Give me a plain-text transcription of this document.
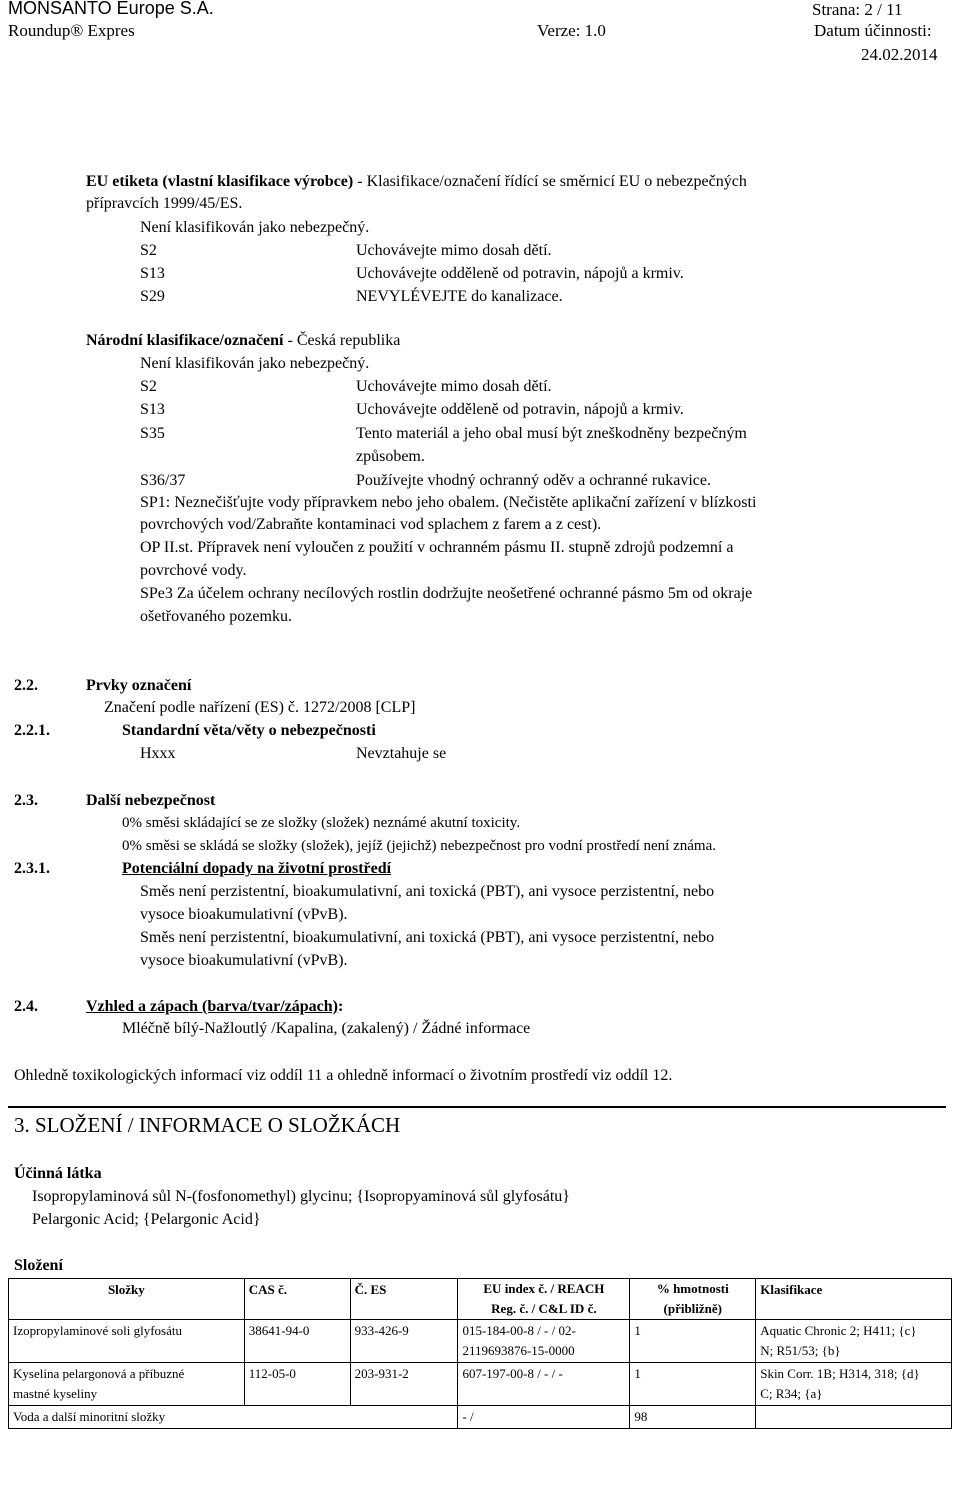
MONSANTO Europe S.A.	Strana: 2 / 11
Roundup® Expres	Verze: 1.0	Datum účinnosti:
24.02.2014
EU etiketa (vlastní klasifikace výrobce) - Klasifikace/označení řídící se směrnicí EU o nebezpečných
přípravcích 1999/45/ES.
Není klasifikován jako nebezpečný.
S2	Uchovávejte mimo dosah dětí.
S13	Uchovávejte odděleně od potravin, nápojů a krmiv.
S29	NEVYLÉVEJTE do kanalizace.
Národní klasifikace/označení - Česká republika
Není klasifikován jako nebezpečný.
S2	Uchovávejte mimo dosah dětí.
S13	Uchovávejte odděleně od potravin, nápojů a krmiv.
S35	Tento materiál a jeho obal musí být zneškodněny bezpečným
způsobem.
S36/37	Používejte vhodný ochranný oděv a ochranné rukavice.
SP1: Neznečišťujte vody přípravkem nebo jeho obalem. (Nečistěte aplikační zařízení v blízkosti
povrchových vod/Zabraňte kontaminaci vod splachem z farem a z cest).
OP II.st. Přípravek není vyloučen z použití v ochranném pásmu II. stupně zdrojů podzemní a
povrchové vody.
SPe3 Za účelem ochrany necílových rostlin dodržujte neošetřené ochranné pásmo 5m od okraje
ošetřovaného pozemku.
2.2.	Prvky označení
Značení podle nařízení (ES) č. 1272/2008 [CLP]
2.2.1.	Standardní věta/věty o nebezpečnosti
Hxxx	Nevztahuje se
2.3.	Další nebezpečnost
0% směsi skládající se ze složky (složek) neznámé akutní toxicity.
0% směsi se skládá se složky (složek), jejíž (jejichž) nebezpečnost pro vodní prostředí není známa.
2.3.1.	Potenciální dopady na životní prostředí
Směs není perzistentní, bioakumulativní, ani toxická (PBT), ani vysoce perzistentní, nebo
vysoce bioakumulativní (vPvB).
Směs není perzistentní, bioakumulativní, ani toxická (PBT), ani vysoce perzistentní, nebo
vysoce bioakumulativní (vPvB).
2.4.	Vzhled a zápach (barva/tvar/zápach):
Mléčně bílý-Nažloutlý /Kapalina, (zakalený) / Žádné informace
Ohledně toxikologických informací viz oddíl 11 a ohledně informací o životním prostředí viz oddíl 12.
3. SLOŽENÍ / INFORMACE O SLOŽKÁCH
Účinná látka
Isopropylaminová sůl N-(fosfonomethyl) glycinu; {Isopropyaminová sůl glyfosátu}
Pelargonic Acid; {Pelargonic Acid}
Složení
Složky	CAS č.	Č. ES	EU index č. / REACH Reg. č. / C&L ID č.	% hmotnosti (přibližně)	Klasifikace
Izopropylaminové soli glyfosátu	38641-94-0	933-426-9	015-184-00-8 / - / 02-2119693876-15-0000	1	Aquatic Chronic 2; H411; {c} N; R51/53; {b}
Kyselina pelargonová a příbuzné mastné kyseliny	112-05-0	203-931-2	607-197-00-8 / - / -	1	Skin Corr. 1B; H314, 318; {d} C; R34; {a}
Voda a další minoritní složky			- /	98	
